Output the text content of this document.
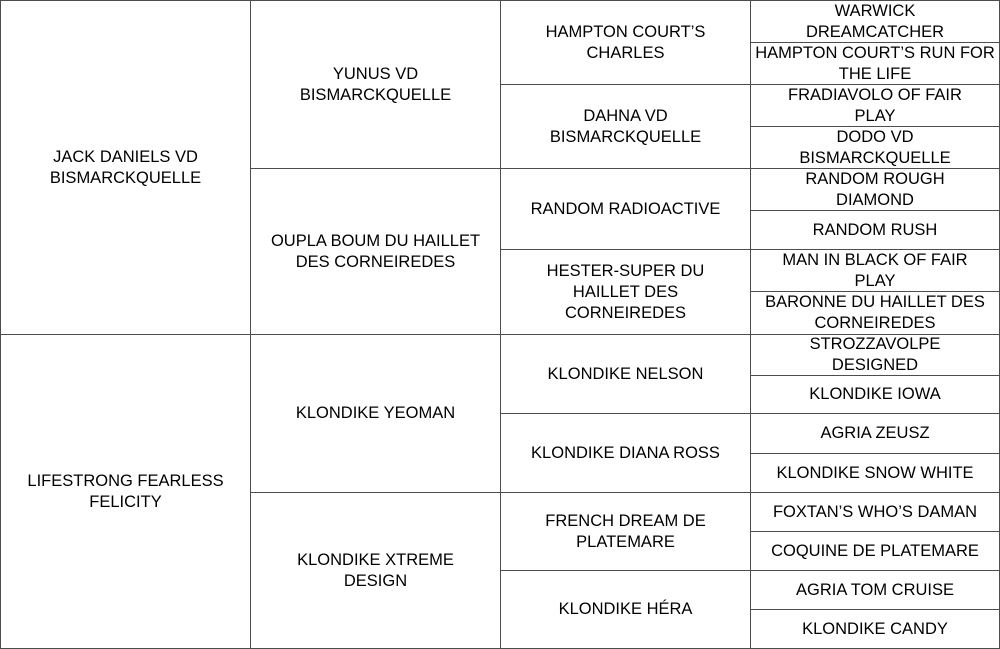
JACK DANIELS VD BISMARCKQUELLE
LIFESTRONG FEARLESS FELICITY
YUNUS VD BISMARCKQUELLE
OUPLA BOUM DU HAILLET DES CORNEIREDES
KLONDIKE YEOMAN
KLONDIKE XTREME DESIGN
HAMPTON COURT’S CHARLES
DAHNA VD BISMARCKQUELLE
RANDOM RADIOACTIVE
HESTER-SUPER DU HAILLET DES CORNEIREDES
KLONDIKE NELSON
KLONDIKE DIANA ROSS
FRENCH DREAM DE PLATEMARE
KLONDIKE HÉRA
WARWICK DREAMCATCHER
HAMPTON COURT’S RUN FOR THE LIFE
FRADIAVOLO OF FAIR PLAY
DODO VD BISMARCKQUELLE
RANDOM ROUGH DIAMOND
RANDOM RUSH
MAN IN BLACK OF FAIR PLAY
BARONNE DU HAILLET DES CORNEIREDES
STROZZAVOLPE DESIGNED
KLONDIKE IOWA
AGRIA ZEUSZ
KLONDIKE SNOW WHITE
FOXTAN’S WHO’S DAMAN
COQUINE DE PLATEMARE
AGRIA TOM CRUISE
KLONDIKE CANDY
